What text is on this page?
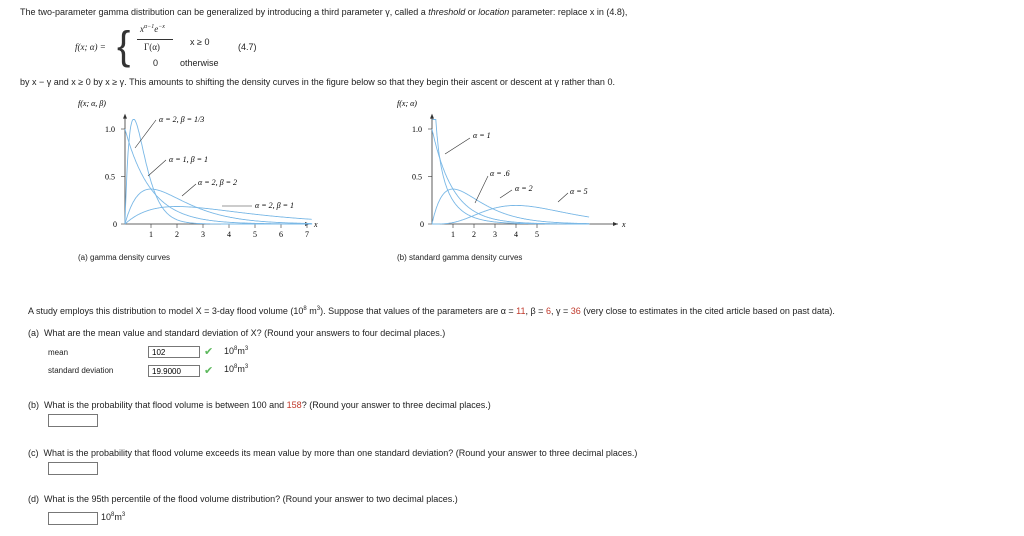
The two-parameter gamma distribution can be generalized by introducing a third parameter γ, called a threshold or location parameter: replace x in (4.8),
f(x; α) = { $x^{\alpha-1}e^{-x}$
Γ(α)	x ≥ 0	(4.7)
0 otherwise
by x − γ and x ≥ 0 by x ≥ γ. This amounts to shifting the density curves in the figure below so that they begin their ascent or descent at γ rather than 0.
x
f(x; α, β)
1	2	3	4	5	6	7
0
0.5
1.0
α = 2, β = 1/3
α = 1, β = 1
α = 2, β = 2
α = 2, β = 1
(a) gamma density curves
x
f(x; α)
1 2 3 4 5
0
0.5
1.0
α = 1
α = .6
α = 2	α = 5
(b) standard gamma density curves
A study employs this distribution to model X = 3-day flood volume ($10^8$ $m^3$). Suppose that values of the parameters are α = 11, β = 6, γ = 36 (very close to estimates in the cited article based on past data).
(a) What are the mean value and standard deviation of X? (Round your answers to four decimal places.)
mean
102	✔ $10^8m^3$
standard deviation
19.9000	✔ $10^8m^3$
(b) What is the probability that flood volume is between 100 and 158? (Round your answer to three decimal places.)
(c) What is the probability that flood volume exceeds its mean value by more than one standard deviation? (Round your answer to three decimal places.)
(d) What is the 95th percentile of the flood volume distribution? (Round your answer to two decimal places.)
$10^8m^3$
